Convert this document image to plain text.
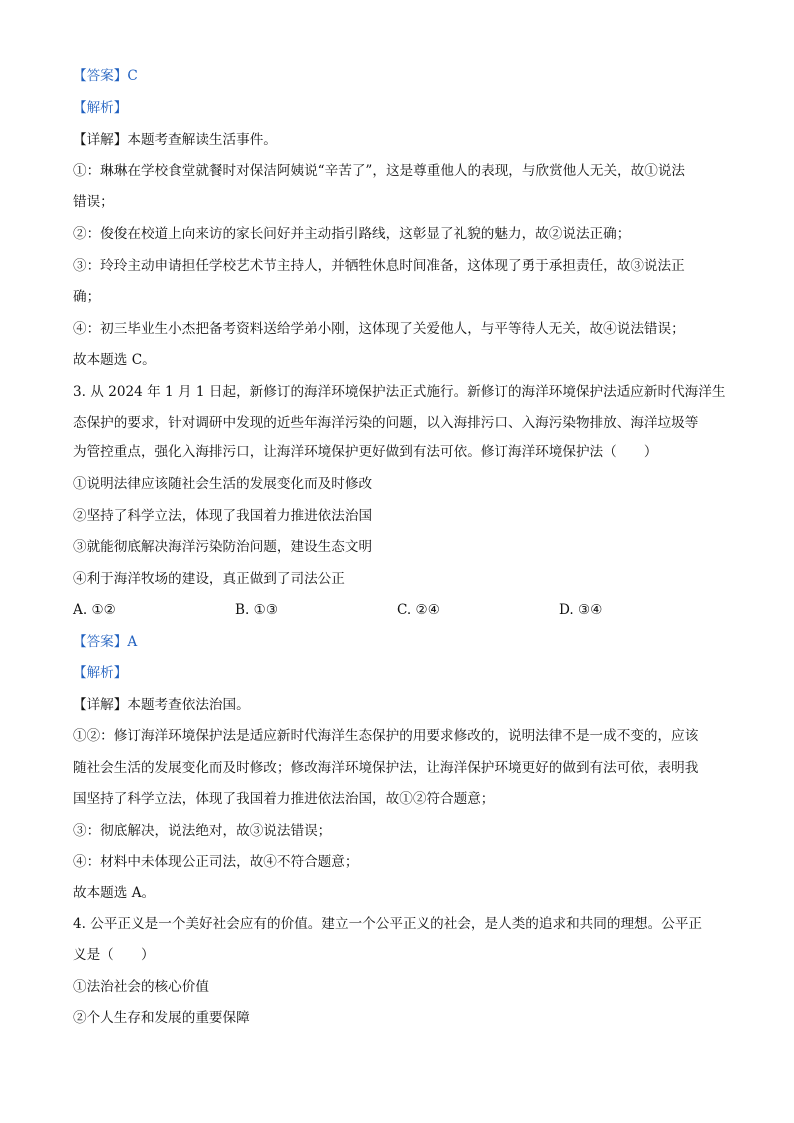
【答案】C
【解析】
【详解】本题考查解读生活事件。
①：琳琳在学校食堂就餐时对保洁阿姨说“辛苦了”，这是尊重他人的表现，与欣赏他人无关，故①说法
错误；
②：俊俊在校道上向来访的家长问好并主动指引路线，这彰显了礼貌的魅力，故②说法正确；
③：玲玲主动申请担任学校艺术节主持人，并牺牲休息时间准备，这体现了勇于承担责任，故③说法正
确；
④：初三毕业生小杰把备考资料送给学弟小刚，这体现了关爱他人，与平等待人无关，故④说法错误；
故本题选 C。
3. 从 2024 年 1 月 1 日起，新修订的海洋环境保护法正式施行。新修订的海洋环境保护法适应新时代海洋生
态保护的要求，针对调研中发现的近些年海洋污染的问题，以入海排污口、入海污染物排放、海洋垃圾等
为管控重点，强化入海排污口，让海洋环境保护更好做到有法可依。修订海洋环境保护法（　　）
①说明法律应该随社会生活的发展变化而及时修改
②坚持了科学立法，体现了我国着力推进依法治国
③就能彻底解决海洋污染防治问题，建设生态文明
④利于海洋牧场的建设，真正做到了司法公正
A. ①②	B. ①③	C. ②④	D. ③④
【答案】A
【解析】
【详解】本题考查依法治国。
①②：修订海洋环境保护法是适应新时代海洋生态保护的用要求修改的，说明法律不是一成不变的，应该
随社会生活的发展变化而及时修改；修改海洋环境保护法，让海洋保护环境更好的做到有法可依，表明我
国坚持了科学立法，体现了我国着力推进依法治国，故①②符合题意；
③：彻底解决，说法绝对，故③说法错误；
④：材料中未体现公正司法，故④不符合题意；
故本题选 A。
4. 公平正义是一个美好社会应有的价值。建立一个公平正义的社会，是人类的追求和共同的理想。公平正
义是（　　）
①法治社会的核心价值
②个人生存和发展的重要保障
